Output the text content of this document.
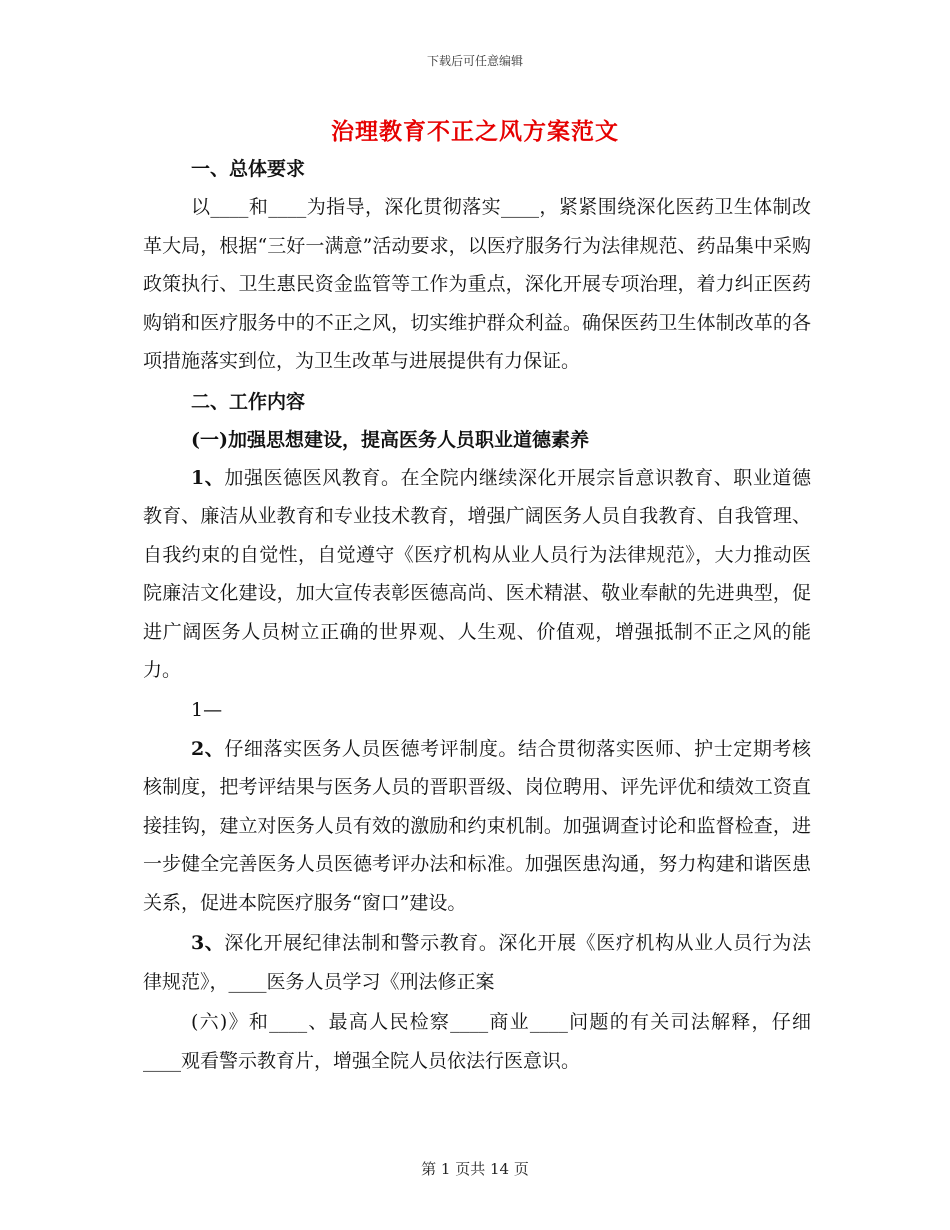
下载后可任意编辑
治理教育不正之风方案范文

一、总体要求

以____和____为指导，深化贯彻落实____，紧紧围绕深化医药卫生体制改革大局，根据“三好一满意”活动要求，以医疗服务行为法律规范、药品集中采购政策执行、卫生惠民资金监管等工作为重点，深化开展专项治理，着力纠正医药购销和医疗服务中的不正之风，切实维护群众利益。确保医药卫生体制改革的各项措施落实到位，为卫生改革与进展提供有力保证。

二、工作内容

(一)加强思想建设，提高医务人员职业道德素养

1、加强医德医风教育。在全院内继续深化开展宗旨意识教育、职业道德教育、廉洁从业教育和专业技术教育，增强广阔医务人员自我教育、自我管理、自我约束的自觉性，自觉遵守《医疗机构从业人员行为法律规范》，大力推动医院廉洁文化建设，加大宣传表彰医德高尚、医术精湛、敬业奉献的先进典型，促进广阔医务人员树立正确的世界观、人生观、价值观，增强抵制不正之风的能力。

1—

2、仔细落实医务人员医德考评制度。结合贯彻落实医师、护士定期考核核制度，把考评结果与医务人员的晋职晋级、岗位聘用、评先评优和绩效工资直接挂钩，建立对医务人员有效的激励和约束机制。加强调查讨论和监督检查，进一步健全完善医务人员医德考评办法和标准。加强医患沟通，努力构建和谐医患关系，促进本院医疗服务“窗口”建设。

3、深化开展纪律法制和警示教育。深化开展《医疗机构从业人员行为法律规范》，____医务人员学习《刑法修正案

(六)》和____、最高人民检察____商业____问题的有关司法解释，仔细____观看警示教育片，增强全院人员依法行医意识。

第 1 页共 14 页
